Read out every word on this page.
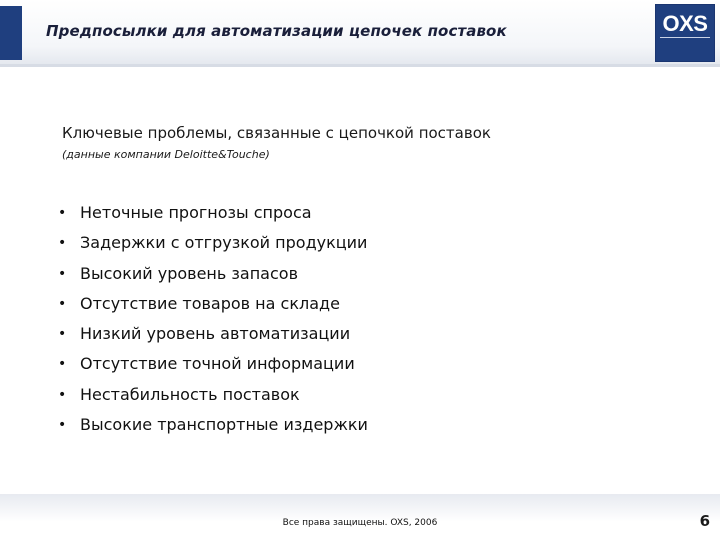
Предпосылки для автоматизации цепочек поставок	OXS
Ключевые проблемы, связанные с цепочкой поставок
(данные компании Deloitte&Touche)
• Неточные прогнозы спроса
• Задержки с отгрузкой продукции
• Высокий уровень запасов
• Отсутствие товаров на складе
• Низкий уровень автоматизации
• Отсутствие точной информации
• Нестабильность поставок
• Высокие транспортные издержки
Все права защищены. OXS, 2006	6
